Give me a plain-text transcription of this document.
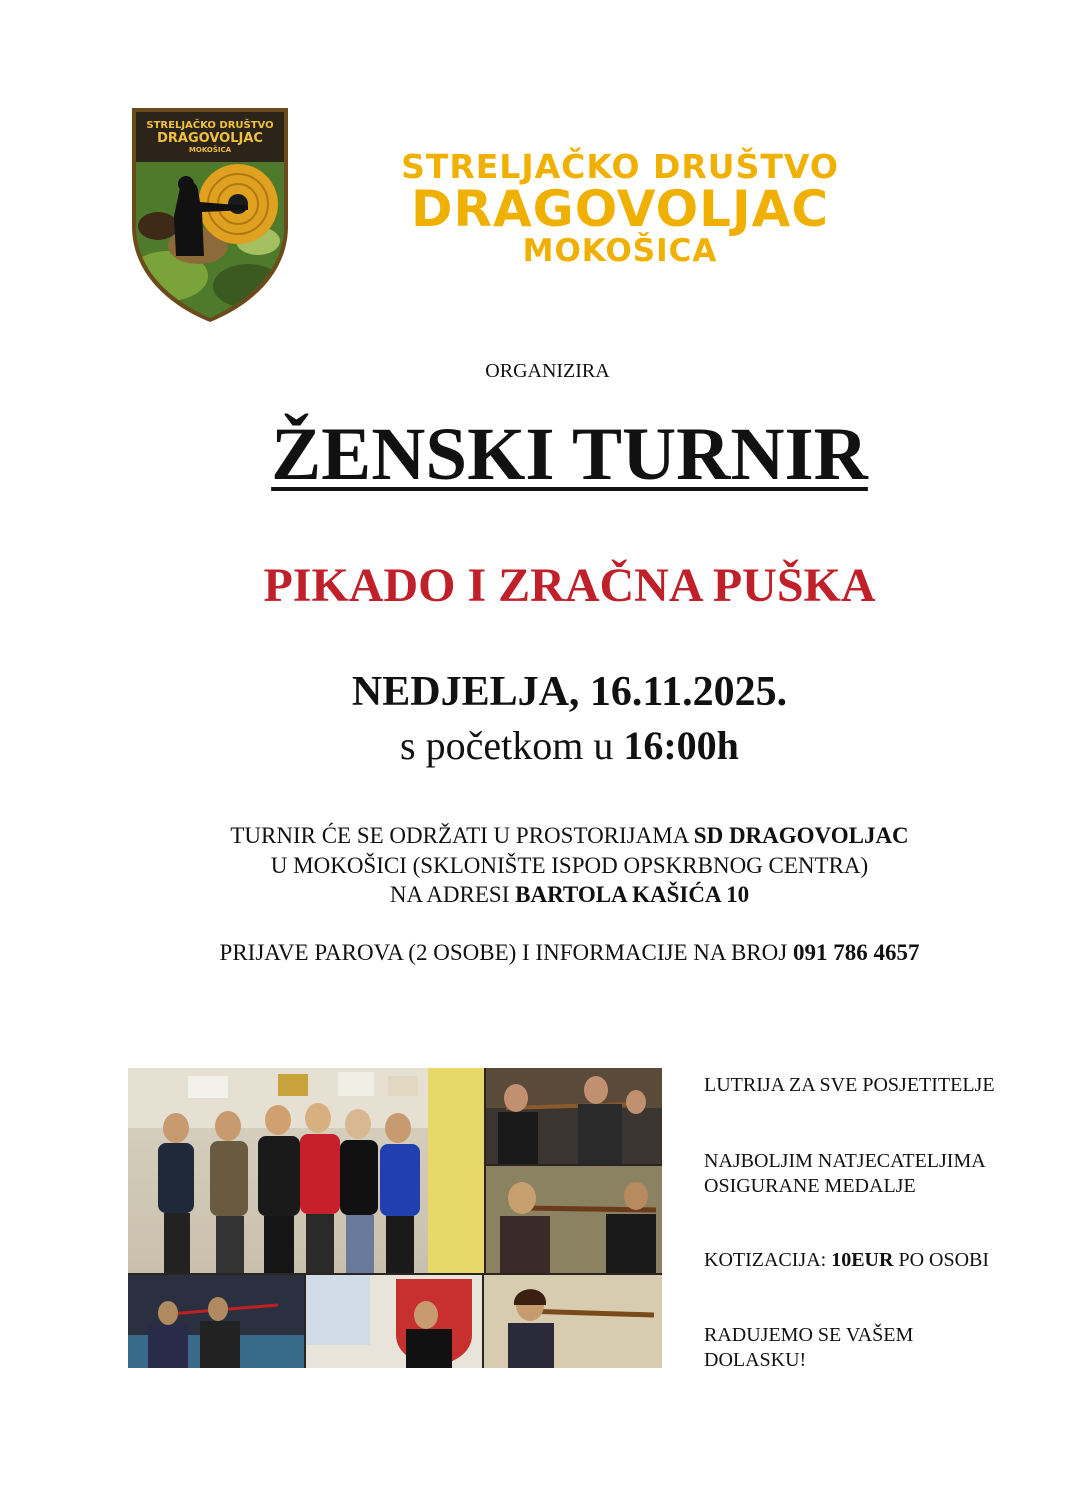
STRELJAČKO DRUŠTVO
DRAGOVOLJAC
MOKOŠICA	STRELJAČKO DRUŠTVO
DRAGOVOLJAC
MOKOŠICA
ORGANIZIRA
ŽENSKI TURNIR
PIKADO I ZRAČNA PUŠKA
NEDJELJA, 16.11.2025.
s početkom u 16:00h
TURNIR ĆE SE ODRŽATI U PROSTORIJAMA SD DRAGOVOLJAC
U MOKOŠICI (SKLONIŠTE ISPOD OPSKRBNOG CENTRA)
NA ADRESI BARTOLA KAŠIĆA 10
PRIJAVE PAROVA (2 OSOBE) I INFORMACIJE NA BROJ 091 786 4657
LUTRIJA ZA SVE POSJETITELJE
NAJBOLJIM NATJECATELJIMA OSIGURANE MEDALJE
KOTIZACIJA: 10EUR PO OSOBI
RADUJEMO SE VAŠEM DOLASKU!
